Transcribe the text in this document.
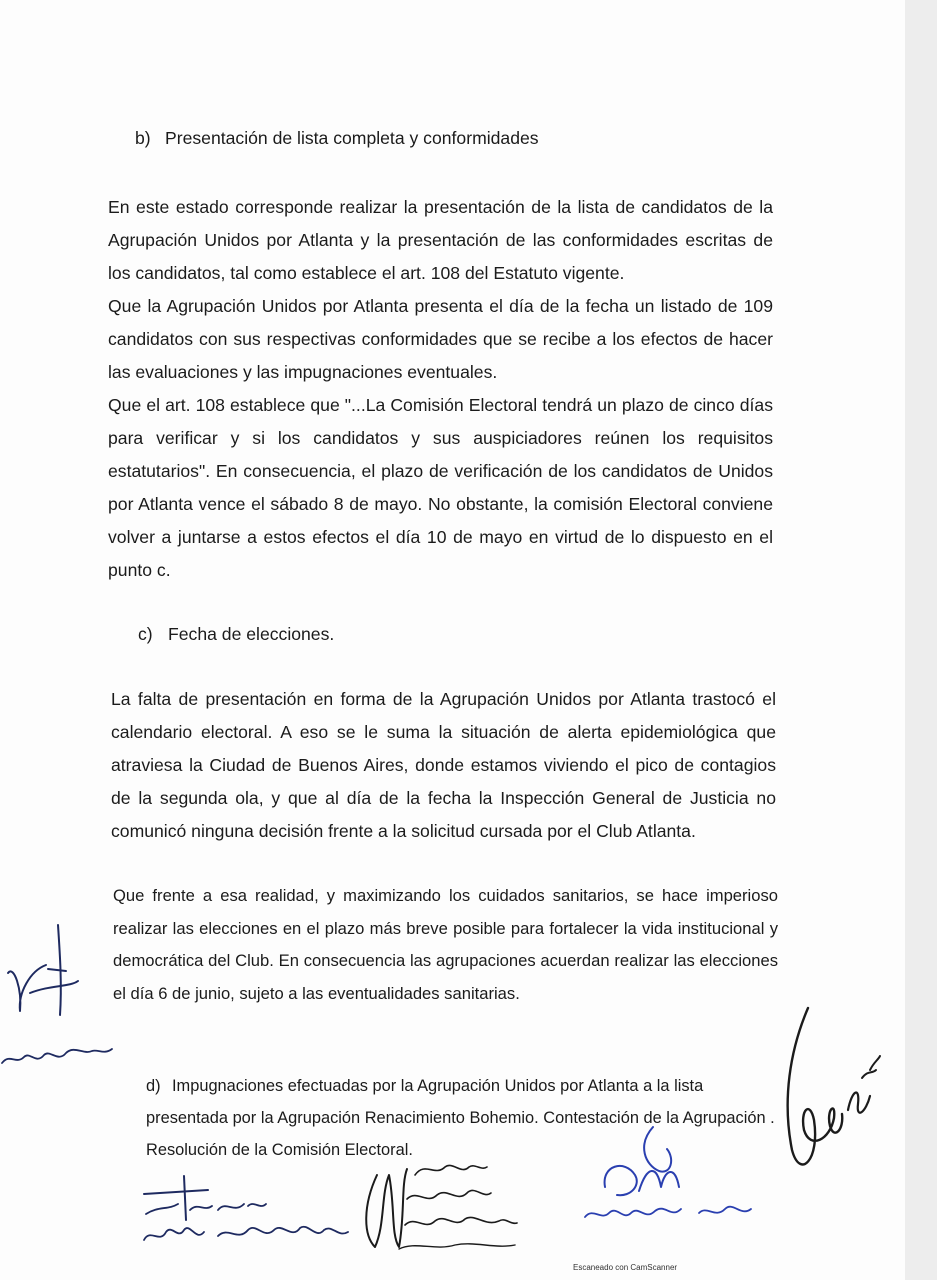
b) Presentación de lista completa y conformidades

En este estado corresponde realizar la presentación de la lista de candidatos de la Agrupación Unidos por Atlanta y la presentación de las conformidades escritas de los candidatos, tal como establece el art. 108 del Estatuto vigente.

Que la Agrupación Unidos por Atlanta presenta el día de la fecha un listado de 109 candidatos con sus respectivas conformidades que se recibe a los efectos de hacer las evaluaciones y las impugnaciones eventuales.

Que el art. 108 establece que "...La Comisión Electoral tendrá un plazo de cinco días para verificar y si los candidatos y sus auspiciadores reúnen los requisitos estatutarios". En consecuencia, el plazo de verificación de los candidatos de Unidos por Atlanta vence el sábado 8 de mayo. No obstante, la comisión Electoral conviene volver a juntarse a estos efectos el día 10 de mayo en virtud de lo dispuesto en el punto c.

c) Fecha de elecciones.

La falta de presentación en forma de la Agrupación Unidos por Atlanta trastocó el calendario electoral. A eso se le suma la situación de alerta epidemiológica que atraviesa la Ciudad de Buenos Aires, donde estamos viviendo el pico de contagios de la segunda ola, y que al día de la fecha la Inspección General de Justicia no comunicó ninguna decisión frente a la solicitud cursada por el Club Atlanta.

Que frente a esa realidad, y maximizando los cuidados sanitarios, se hace imperioso realizar las elecciones en el plazo más breve posible para fortalecer la vida institucional y democrática del Club. En consecuencia las agrupaciones acuerdan realizar las elecciones el día 6 de junio, sujeto a las eventualidades sanitarias.

d) Impugnaciones efectuadas por la Agrupación Unidos por Atlanta a la lista presentada por la Agrupación Renacimiento Bohemio. Contestación de la Agrupación . Resolución de la Comisión Electoral.
Escaneado con CamScanner
